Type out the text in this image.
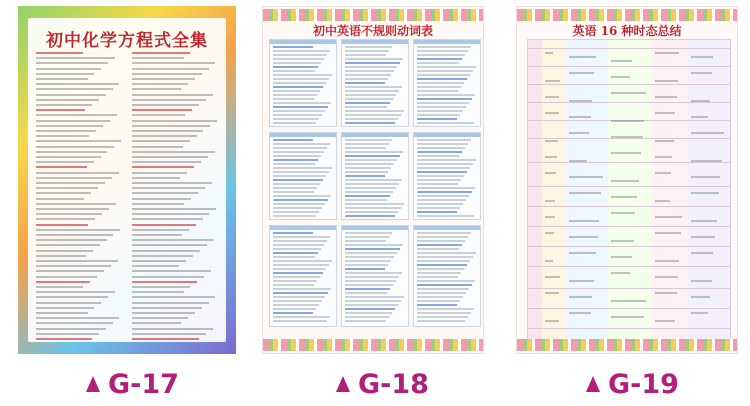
初中化学方程式全集	初中英语不规则动词表	英语 16 种时态总结
G-17	G-18	G-19
